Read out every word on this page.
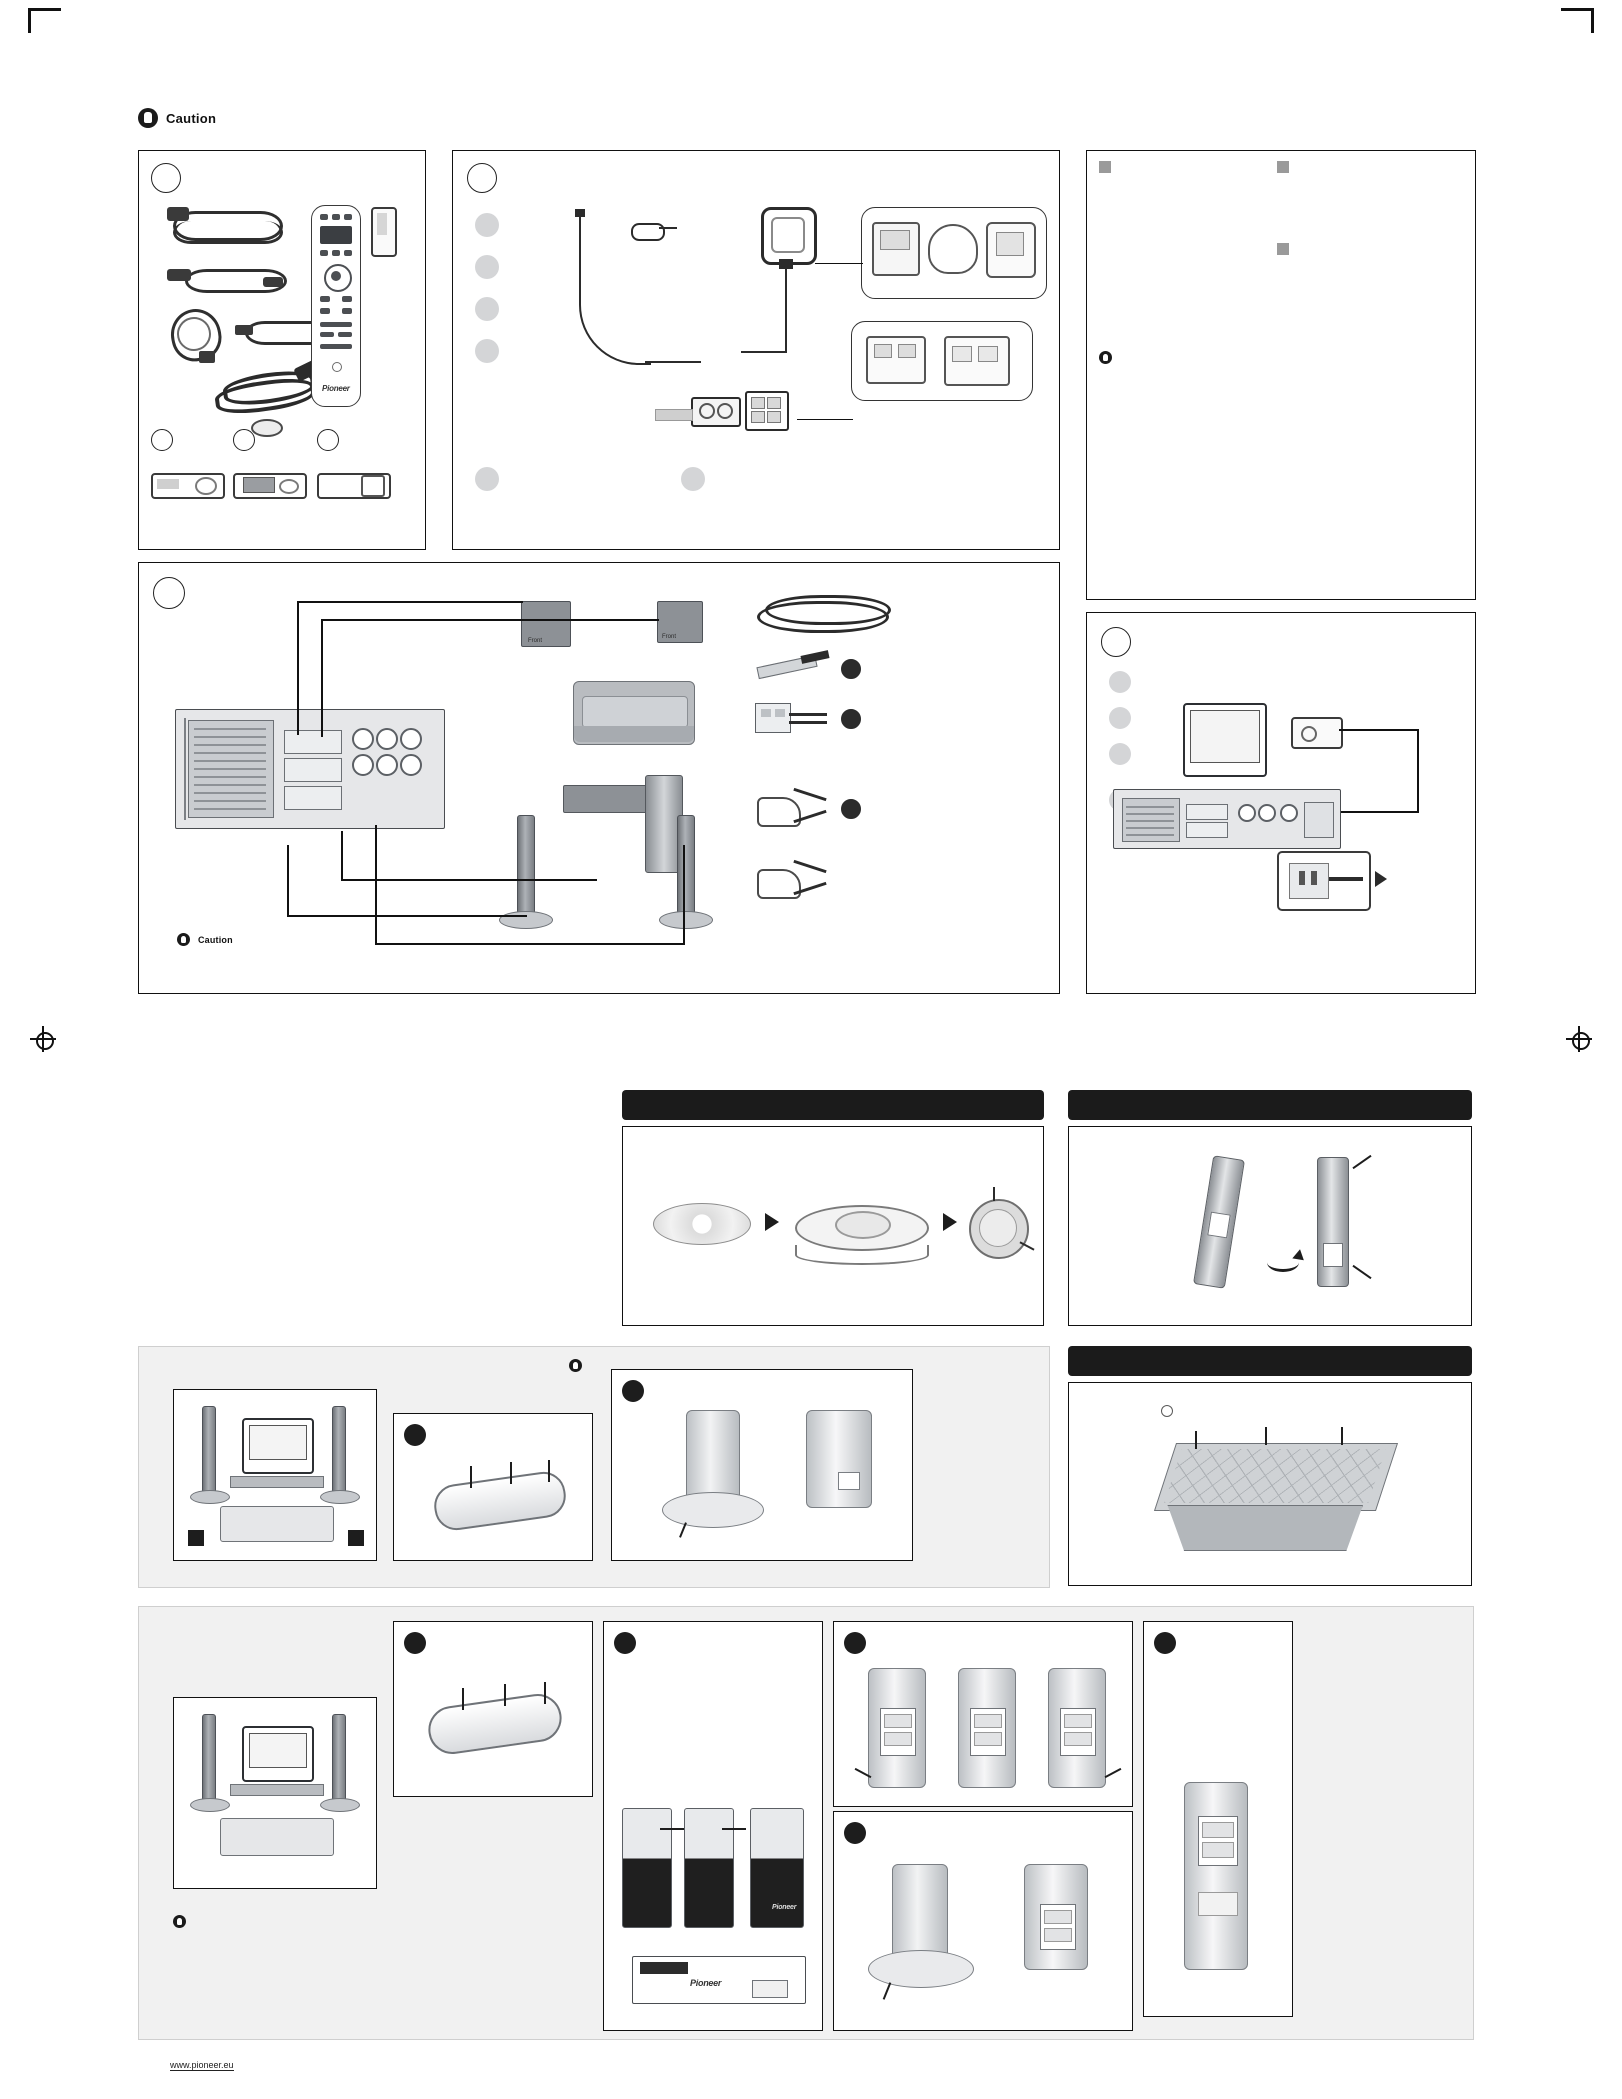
Caution
Pioneer
Front
Front
Caution
Pioneer
Pioneer
www.pioneer.eu
